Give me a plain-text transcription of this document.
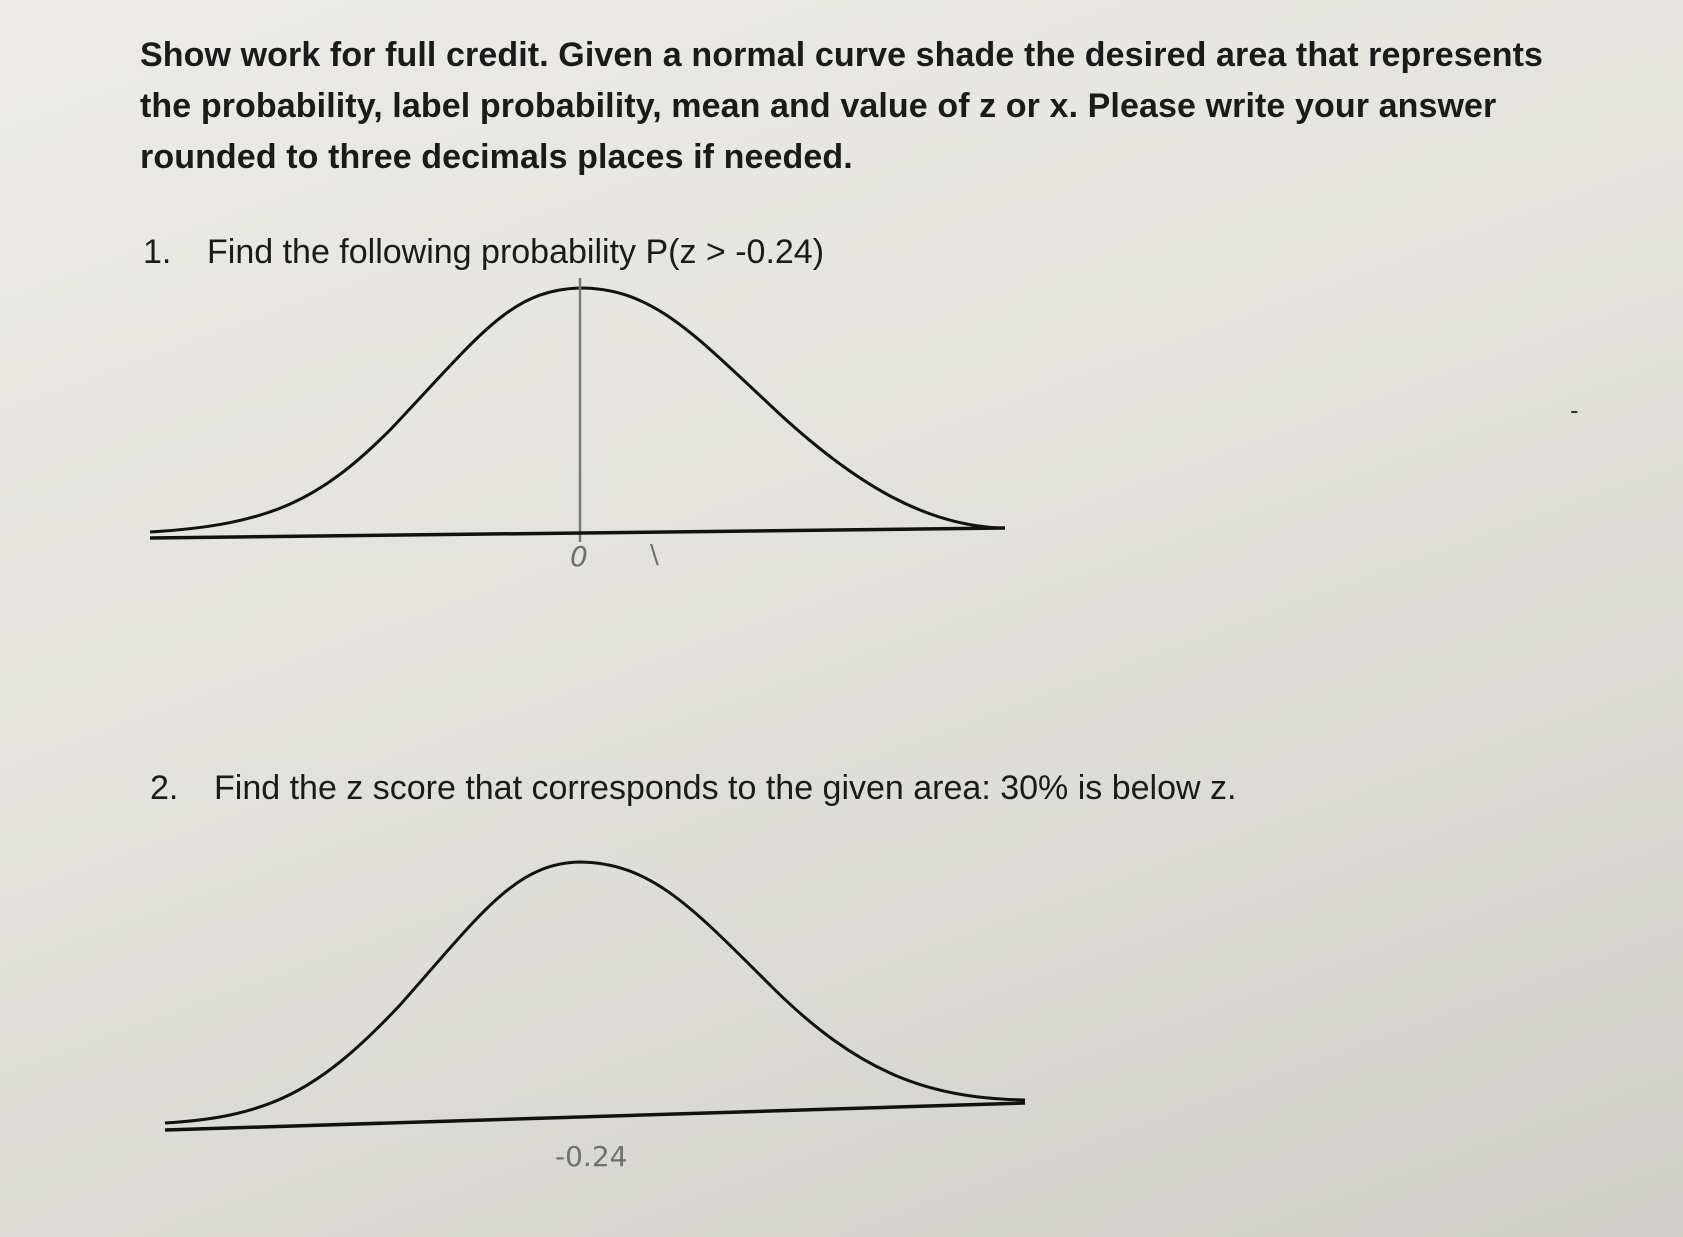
Show work for full credit. Given a normal curve shade the desired area that represents the probability, label probability, mean and value of z or x. Please write your answer rounded to three decimals places if needed.

1. Find the following probability P(z > -0.24)

0 \
-

2. Find the z score that corresponds to the given area: 30% is below z.

-0.24
